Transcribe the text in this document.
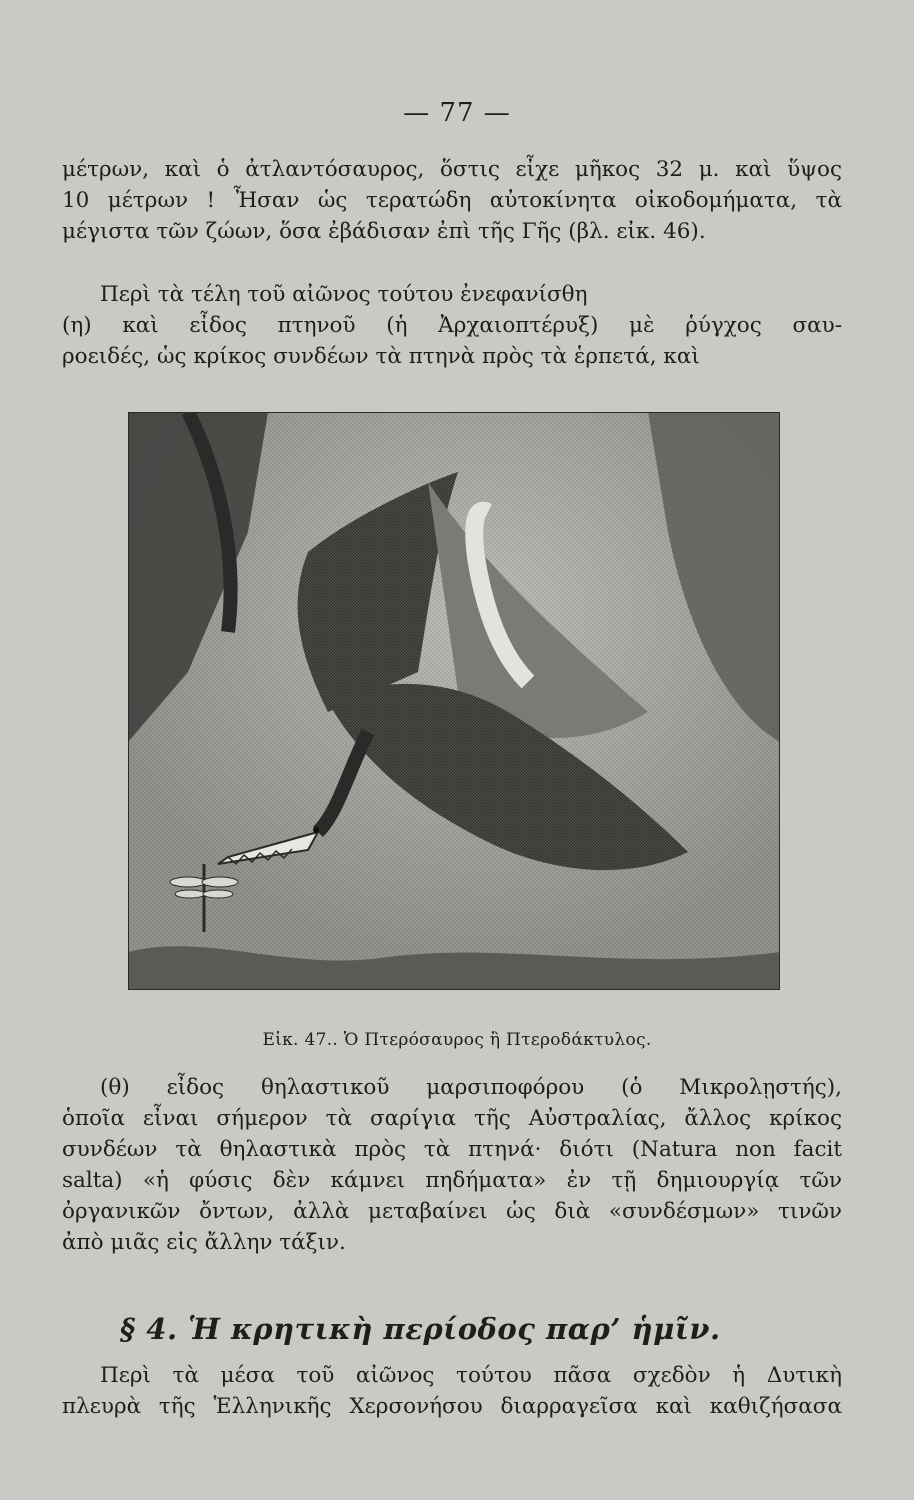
— 77 —
μέτρων, καὶ ὁ ἀτλαντόσαυρος, ὅστις εἶχε μῆκος 32 μ. καὶ ὕψος
10 μέτρων ! Ἦσαν ὡς τερατώδη αὐτοκίνητα οἰκοδομήματα, τὰ
μέγιστα τῶν ζώων, ὅσα ἐβάδισαν ἐπὶ τῆς Γῆς (βλ. εἰκ. 46).
Περὶ τὰ τέλη τοῦ αἰῶνος τούτου ἐνεφανίσθη
(η) καὶ εἶδος πτηνοῦ (ἡ Ἀρχαιοπτέρυξ) μὲ ῥύγχος σαυ-
ροειδές, ὡς κρίκος συνδέων τὰ πτηνὰ πρὸς τὰ ἑρπετά, καὶ
Εἰκ. 47.. Ὁ Πτερόσαυρος ἢ Πτεροδάκτυλος.
(θ) εἶδος θηλαστικοῦ μαρσιποφόρου (ὁ Μικρολῃστής),
ὁποῖα εἶναι σήμερον τὰ σαρίγια τῆς Αὐστραλίας, ἄλλος κρίκος
συνδέων τὰ θηλαστικὰ πρὸς τὰ πτηνά· διότι (Natura non facit
salta) «ἡ φύσις δὲν κάμνει πηδήματα» ἐν τῇ δημιουργίᾳ τῶν
ὀργανικῶν ὄντων, ἀλλὰ μεταβαίνει ὡς διὰ «συνδέσμων» τινῶν
ἀπὸ μιᾶς εἰς ἄλλην τάξιν.
§ 4. Ἡ κρητικὴ περίοδος παρ’ ἡμῖν.
Περὶ τὰ μέσα τοῦ αἰῶνος τούτου πᾶσα σχεδὸν ἡ Δυτικὴ
πλευρὰ τῆς Ἑλληνικῆς Χερσονήσου διαρραγεῖσα καὶ καθιζήσασα
